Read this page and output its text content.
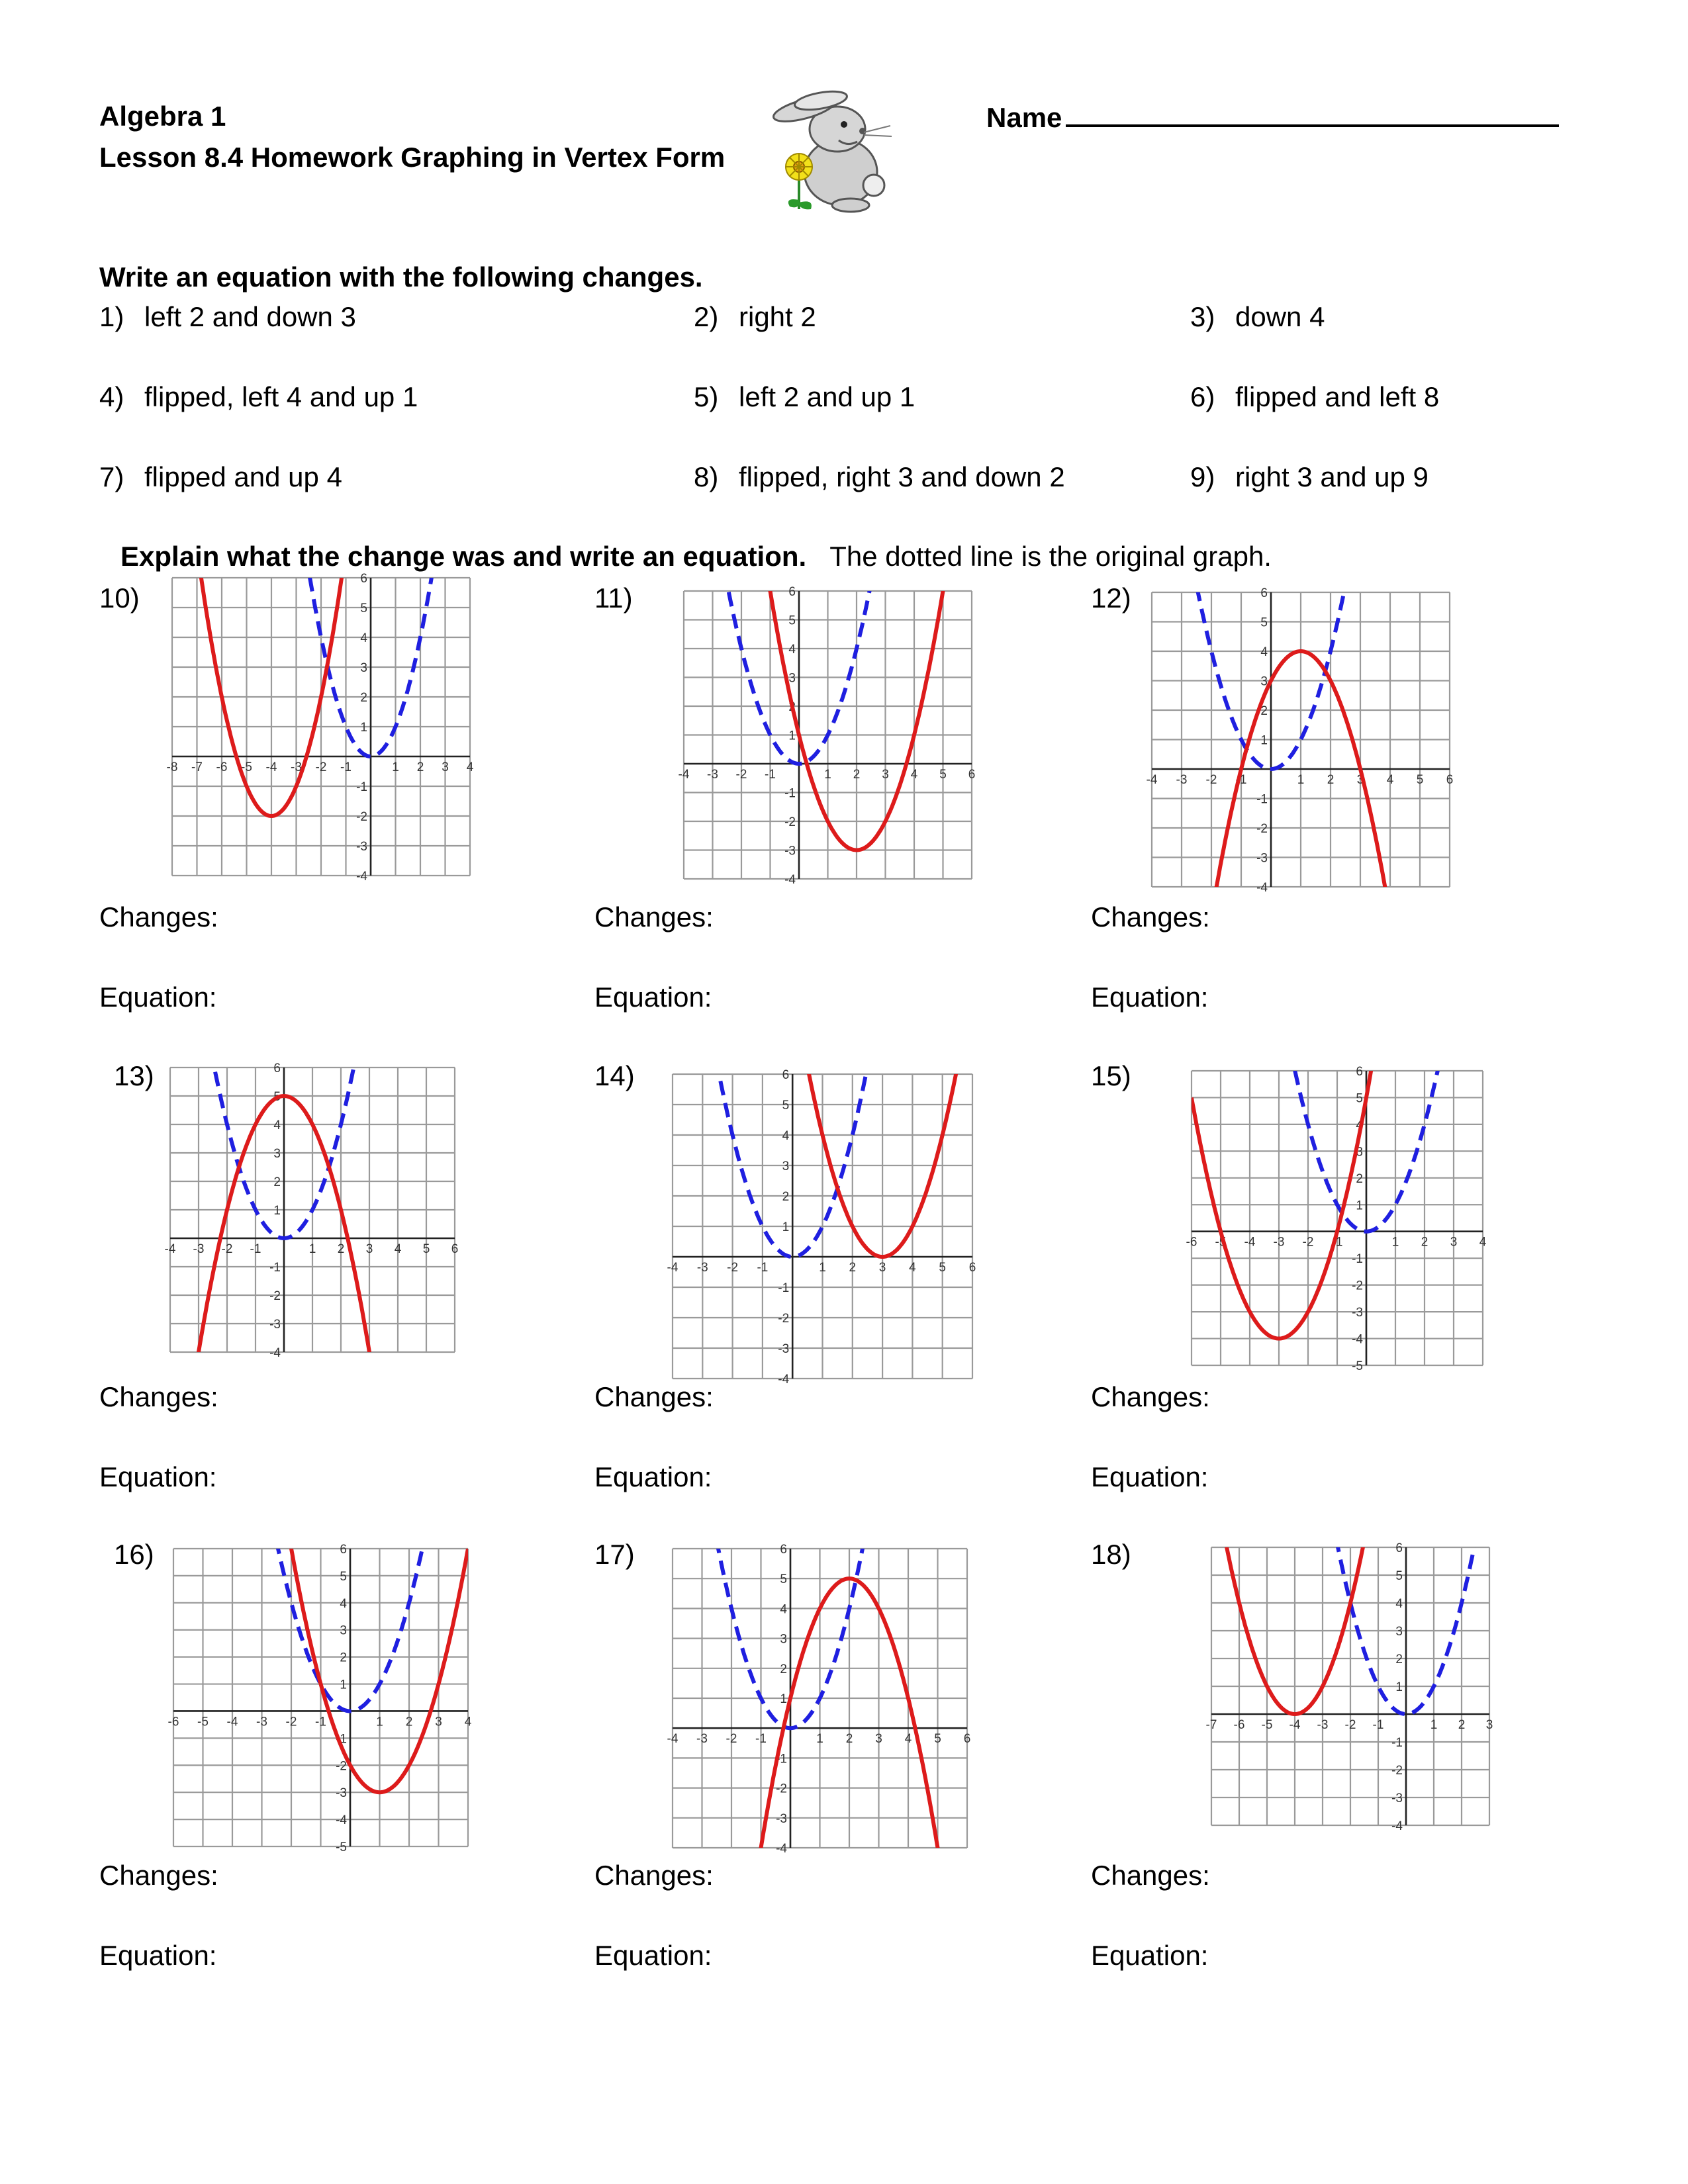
Algebra 1
Lesson 8.4 Homework Graphing in Vertex Form
Name
Write an equation with the following changes.
1) left 2 and down 3	2) right 2	3) down 4
4) flipped, left 4 and up 1	5) left 2 and up 1	6) flipped and left 8
7) flipped and up 4	8) flipped, right 3 and down 2	9) right 3 and up 9
Explain what the change was and write an equation. The dotted line is the original graph.
10)	11)	12)
13)	14)	15)
16)	17)	18)
-8 -7 -6 -5 -4 -3 -2 -1	1 2 3 4
-4
-3
-2
-1
1
2
3
4
5
6
-4 -3 -2 -1	1 2 3 4 5 6
-4
-3
-2
-1
1
2
3
4
5
6
-4 -3 -2 -1	1 2 3 4 5 6
-4
-3
-2
-1
1
2
3
4
5
6
-4 -3 -2 -1	1 2 3 4 5 6
-4
-3
-2
-1
1
2
3
4
5
6
-4 -3 -2 -1	1 2 3 4 5 6
-4
-3
-2
-1
1
2
3
4
5
6
-6 -5 -4 -3 -2 -1	1 2 3 4
-5
-4
-3
-2
-1
1
2
3
4
5
6
-6 -5 -4 -3 -2 -1	1 2 3 4
-5
-4
-3
-2
-1
1
2
3
4
5
6
-4 -3 -2 -1	1 2 3 4 5 6
-4
-3
-2
-1
1
2
3
4
5
6
-7 -6 -5 -4 -3 -2 -1	1 2 3
-4
-3
-2
-1
1
2
3
4
5
6
Changes:	Changes:	Changes:
Equation:	Equation:	Equation:
Changes:	Changes:	Changes:
Equation:	Equation:	Equation:
Changes:	Changes:	Changes:
Equation:	Equation:	Equation:
